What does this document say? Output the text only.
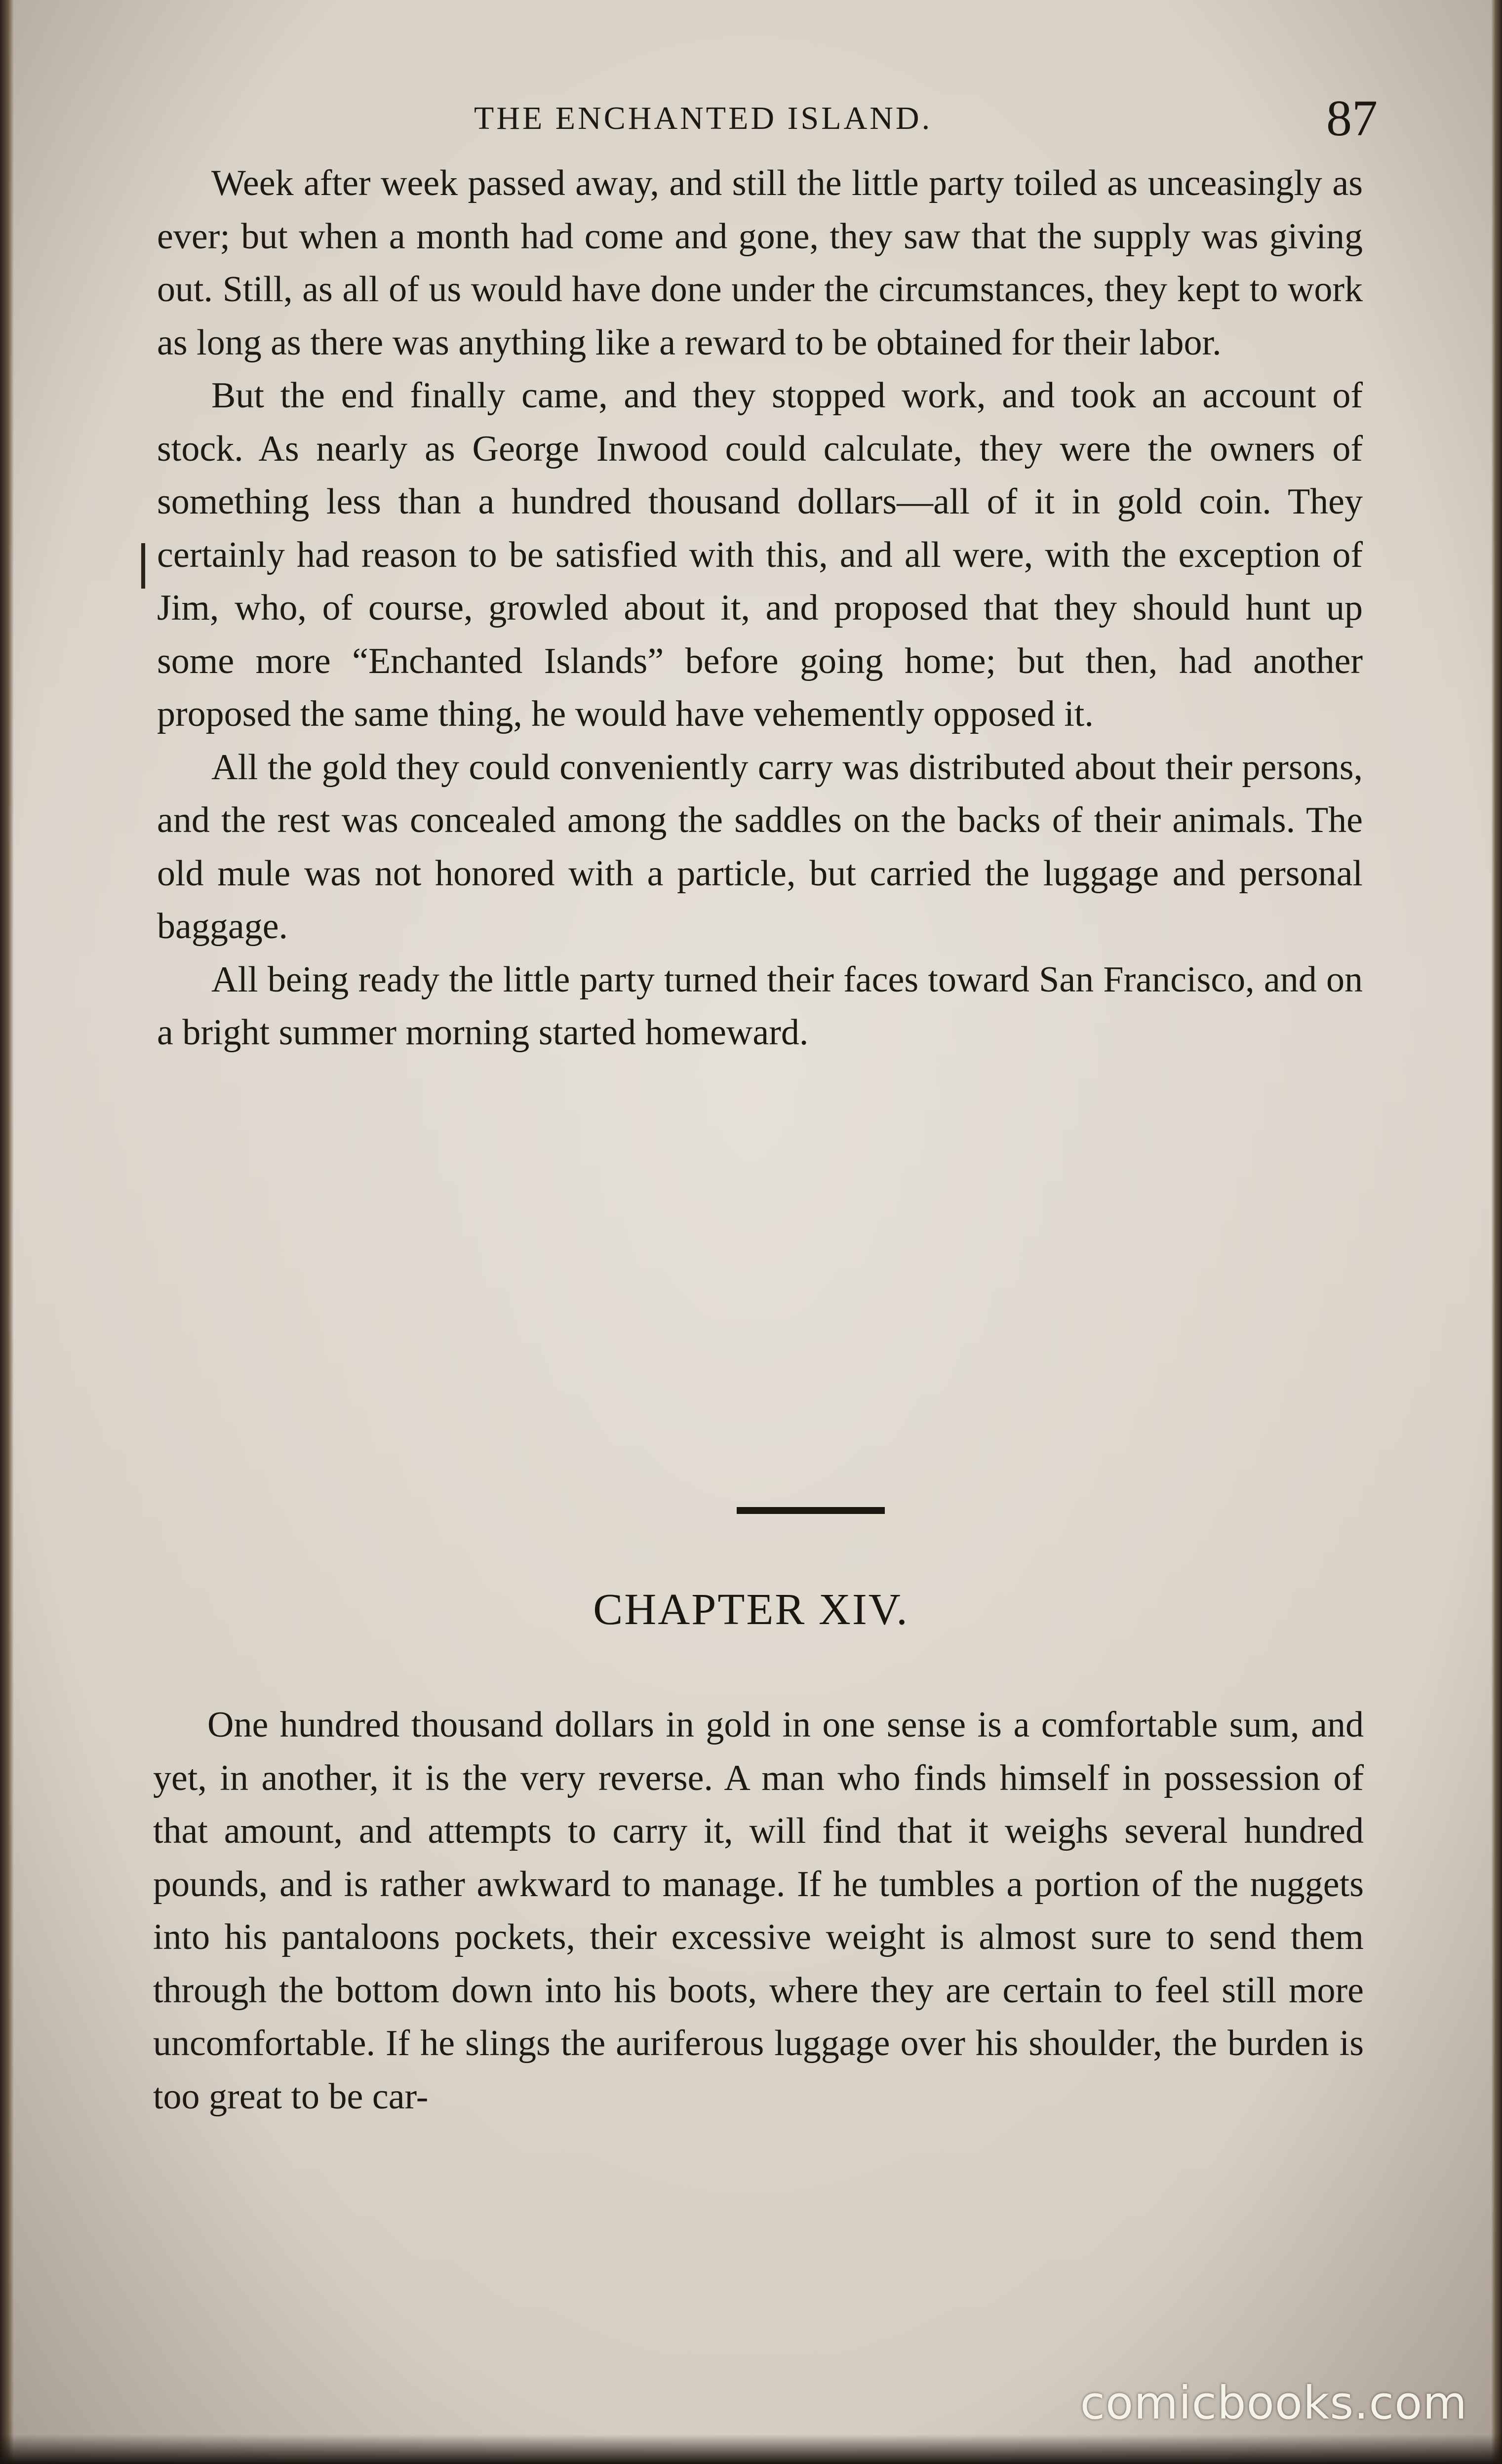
THE ENCHANTED ISLAND.	87

Week after week passed away, and still the little party toiled as unceasingly as ever; but when a month had come and gone, they saw that the supply was giving out. Still, as all of us would have done under the circumstances, they kept to work as long as there was anything like a reward to be obtained for their labor.

But the end finally came, and they stopped work, and took an account of stock. As nearly as George Inwood could calculate, they were the owners of something less than a hundred thousand dollars—all of it in gold coin. They certainly had reason to be satisfied with this, and all were, with the exception of Jim, who, of course, growled about it, and proposed that they should hunt up some more “Enchanted Islands” before going home; but then, had another proposed the same thing, he would have vehemently opposed it.

All the gold they could conveniently carry was distributed about their persons, and the rest was concealed among the saddles on the backs of their animals. The old mule was not honored with a particle, but carried the luggage and personal baggage.

All being ready the little party turned their faces toward San Francisco, and on a bright summer morning started homeward.

CHAPTER XIV.

One hundred thousand dollars in gold in one sense is a comfortable sum, and yet, in another, it is the very reverse. A man who finds himself in possession of that amount, and attempts to carry it, will find that it weighs several hundred pounds, and is rather awkward to manage. If he tumbles a portion of the nuggets into his pantaloons pockets, their excessive weight is almost sure to send them through the bottom down into his boots, where they are certain to feel still more uncomfortable. If he slings the auriferous luggage over his shoulder, the burden is too great to be car-

comicbooks.com
